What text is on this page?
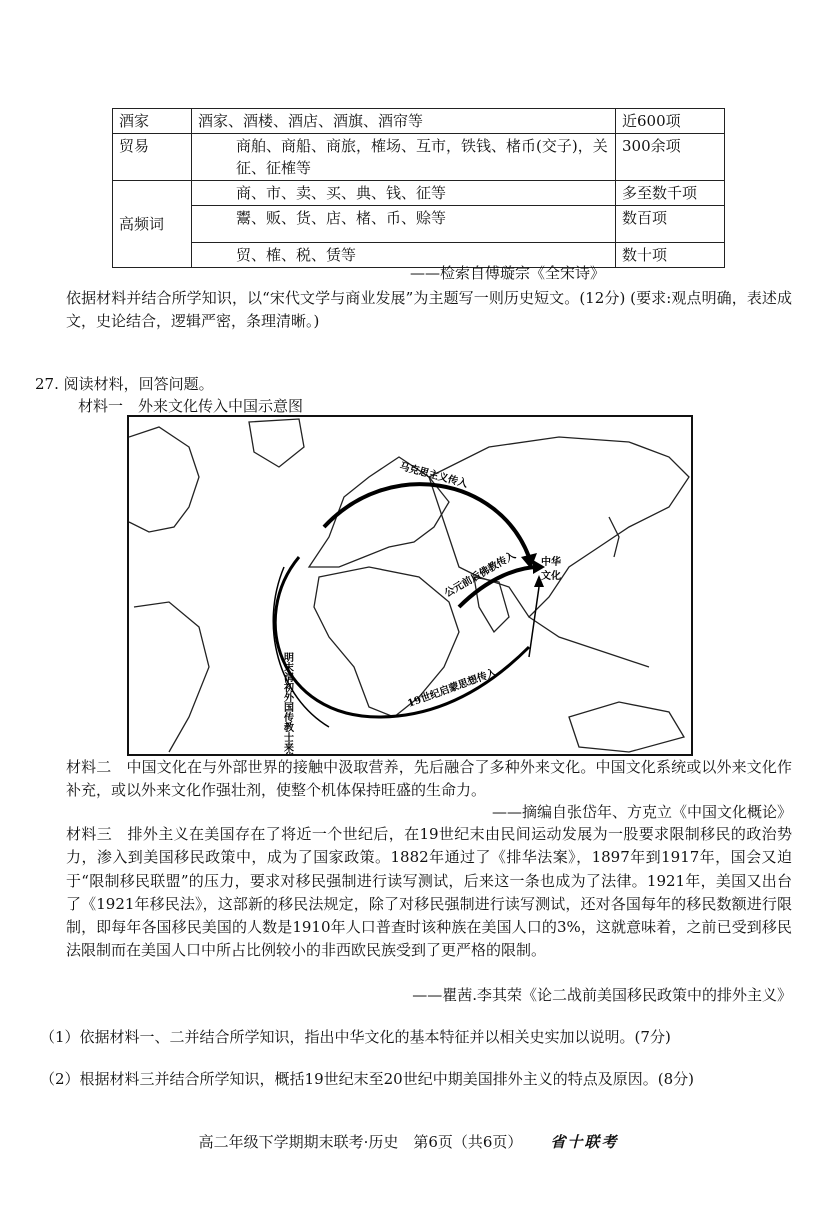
酒家	酒家、酒楼、酒店、酒旗、酒帘等	近600项
贸易	商舶、商船、商旅，榷场、互市，铁钱、楮币(交子)，关征、征榷等	300余项
高频词	商、市、卖、买、典、钱、征等	多至数千项
	鬻、贩、货、店、楮、币、赊等	数百项
	贸、榷、税、赁等	数十项
——检索自傅璇宗《全宋诗》
依据材料并结合所学知识，以“宋代文学与商业发展”为主题写一则历史短文。(12分) (要求:观点明确，表述成文，史论结合，逻辑严密，条理清晰。)
27. 阅读材料，回答问题。
材料一　外来文化传入中国示意图
马克思主义传入
公元前后佛教传入
19世纪启蒙思想传入
中华
文化
明末清初外国传教士来华
材料二　中国文化在与外部世界的接触中汲取营养，先后融合了多种外来文化。中国文化系统或以外来文化作补充，或以外来文化作强壮剂，使整个机体保持旺盛的生命力。
——摘编自张岱年、方克立《中国文化概论》
材料三　排外主义在美国存在了将近一个世纪后，在19世纪末由民间运动发展为一股要求限制移民的政治势力，渗入到美国移民政策中，成为了国家政策。1882年通过了《排华法案》，1897年到1917年，国会又迫于“限制移民联盟”的压力，要求对移民强制进行读写测试，后来这一条也成为了法律。1921年，美国又出台了《1921年移民法》，这部新的移民法规定，除了对移民强制进行读写测试，还对各国每年的移民数额进行限制，即每年各国移民美国的人数是1910年人口普查时该种族在美国人口的3%，这就意味着，之前已受到移民法限制而在美国人口中所占比例较小的非西欧民族受到了更严格的限制。
——瞿茜.李其荣《论二战前美国移民政策中的排外主义》
（1）依据材料一、二并结合所学知识，指出中华文化的基本特征并以相关史实加以说明。(7分)
（2）根据材料三并结合所学知识，概括19世纪末至20世纪中期美国排外主义的特点及原因。(8分)
高二年级下学期期末联考·历史　第6页（共6页） 省十联考
